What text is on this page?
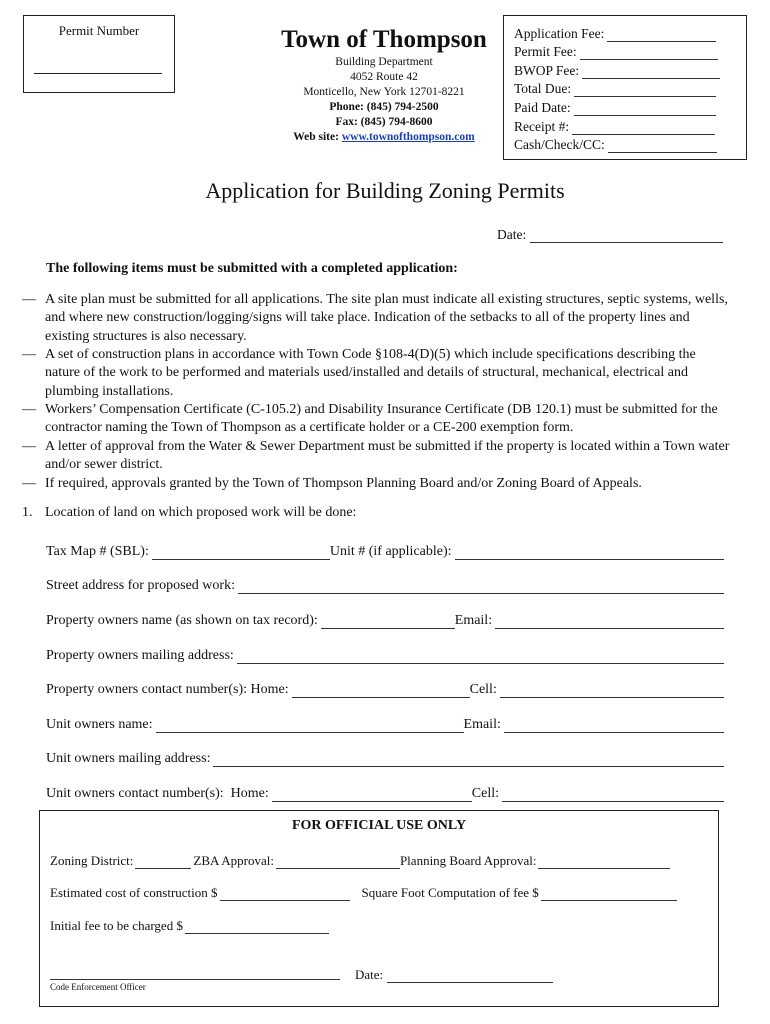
Permit Number	Town of Thompson
Building Department
4052 Route 42
Monticello, New York 12701-8221
Phone: (845) 794-2500
Fax: (845) 794-8600
Web site: www.townofthompson.com
Application Fee:
Permit Fee:
BWOP Fee:
Total Due:
Paid Date:
Receipt #:
Cash/Check/CC:
Application for Building Zoning Permits
Date:
The following items must be submitted with a completed application:
— A site plan must be submitted for all applications. The site plan must indicate all existing structures, septic systems, wells, and where new construction/logging/signs will take place. Indication of the setbacks to all of the property lines and existing structures is also necessary.
— A set of construction plans in accordance with Town Code §108-4(D)(5) which include specifications describing the nature of the work to be performed and materials used/installed and details of structural, mechanical, electrical and plumbing installations.
— Workers’ Compensation Certificate (C-105.2) and Disability Insurance Certificate (DB 120.1) must be submitted for the contractor naming the Town of Thompson as a certificate holder or a CE-200 exemption form.
— A letter of approval from the Water & Sewer Department must be submitted if the property is located within a Town water and/or sewer district.
— If required, approvals granted by the Town of Thompson Planning Board and/or Zoning Board of Appeals.
1. Location of land on which proposed work will be done:
Tax Map # (SBL):	Unit # (if applicable):
Street address for proposed work:
Property owners name (as shown on tax record):	Email:
Property owners mailing address:
Property owners contact number(s): Home:	Cell:
Unit owners name:	Email:
Unit owners mailing address:
Unit owners contact number(s):  Home:	Cell:
FOR OFFICIAL USE ONLY
Zoning District:	ZBA Approval:	Planning Board Approval:
Estimated cost of construction $	Square Foot Computation of fee $
Initial fee to be charged $
Code Enforcement Officer
Date:
